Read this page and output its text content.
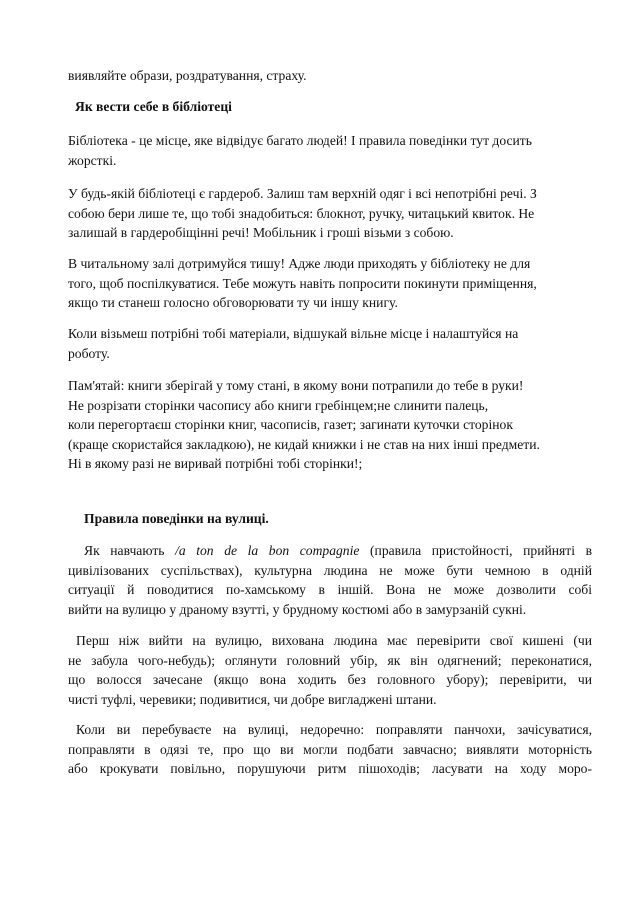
виявляйте образи, роздратування, страху.

Як вести себе в бібліотеці

Бібліотека - це місце, яке відвідує багато людей! І правила поведінки тут досить
жорсткі.

У будь-якій бібліотеці є гардероб. Залиш там верхній одяг і всі непотрібні речі. З
собою бери лише те, що тобі знадобиться: блокнот, ручку, читацький квиток. Не
залишай в гардеробіщінні речі! Мобільник і гроші візьми з собою.

В читальному залі дотримуйся тишу! Адже люди приходять у бібліотеку не для
того, щоб поспілкуватися. Тебе можуть навіть попросити покинути приміщення,
якщо ти станеш голосно обговорювати ту чи іншу книгу.

Коли візьмеш потрібні тобі матеріали, відшукай вільне місце і налаштуйся на
роботу.

Пам'ятай: книги зберігай у тому стані, в якому вони потрапили до тебе в руки!
Не розрізати сторінки часопису або книги гребінцем;не слинити палець,
коли перегортаєш сторінки книг, часописів, газет; загинати куточки сторінок
(краще скористайся закладкою), не кидай книжки і не став на них інші предмети.
Ні в якому разі не виривай потрібні тобі сторінки!;

Правила поведінки на вулиці.

Як навчають /a ton de la bon compagnie (правила пристойності, прийняті в
цивілізованих суспільствах), культурна людина не може бути чемною в одній
ситуації й поводитися по-хамському в іншій. Вона не може дозволити собі
вийти на вулицю у драному взутті, у брудному костюмі або в замурзаній сукні.
Перш ніж вийти на вулицю, вихована людина має перевірити свої кишені (чи
не забула чого-небудь); оглянути головний убір, як він одягнений; переконатися,
що волосся зачесане (якщо вона ходить без головного убору); перевірити, чи
чисті туфлі, черевики; подивитися, чи добре вигладжені штани.
Коли ви перебуваєте на вулиці, недоречно: поправляти панчохи, зачісуватися,
поправляти в одязі те, про що ви могли подбати завчасно; виявляти моторність
або крокувати повільно, порушуючи ритм пішоходів; ласувати на ходу моро-
